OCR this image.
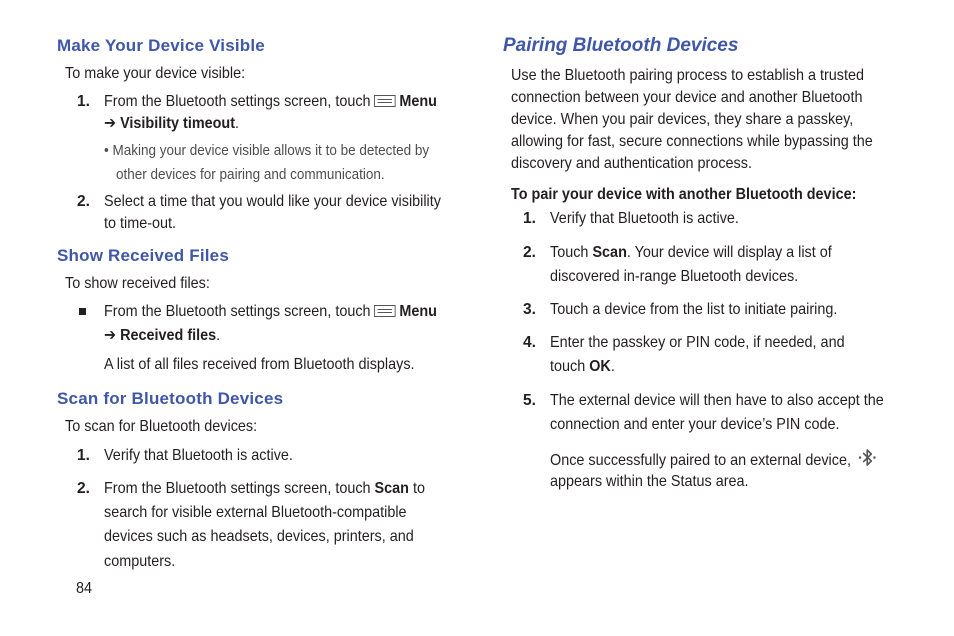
Make Your Device Visible
To make your device visible:
1. From the Bluetooth settings screen, touch Menu
➔ Visibility timeout.
• Making your device visible allows it to be detected by
other devices for pairing and communication.
2. Select a time that you would like your device visibility
to time-out.
Show Received Files
To show received files:
From the Bluetooth settings screen, touch Menu
➔ Received files.
A list of all files received from Bluetooth displays.
Scan for Bluetooth Devices
To scan for Bluetooth devices:
1. Verify that Bluetooth is active.
2. From the Bluetooth settings screen, touch Scan to
search for visible external Bluetooth-compatible
devices such as headsets, devices, printers, and
computers.
84
Pairing Bluetooth Devices
Use the Bluetooth pairing process to establish a trusted
connection between your device and another Bluetooth
device. When you pair devices, they share a passkey,
allowing for fast, secure connections while bypassing the
discovery and authentication process.
To pair your device with another Bluetooth device:
1. Verify that Bluetooth is active.
2. Touch Scan. Your device will display a list of
discovered in-range Bluetooth devices.
3. Touch a device from the list to initiate pairing.
4. Enter the passkey or PIN code, if needed, and
touch OK.
5. The external device will then have to also accept the
connection and enter your device’s PIN code.
Once successfully paired to an external device,
appears within the Status area.
